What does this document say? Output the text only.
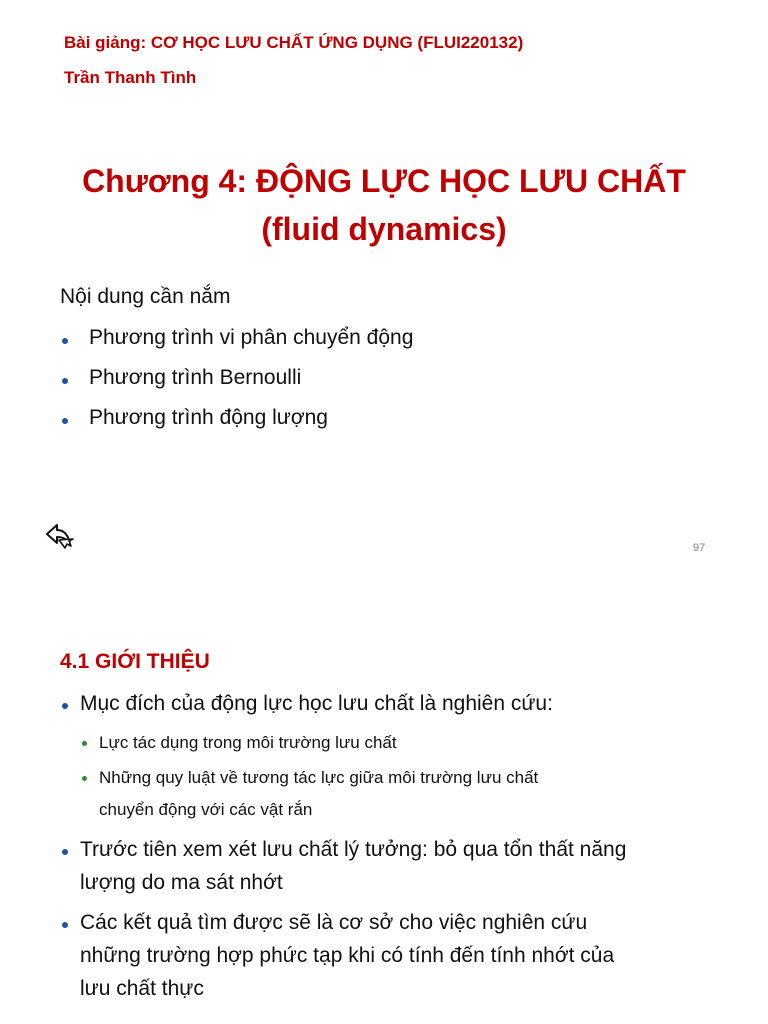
Bài giảng: CƠ HỌC LƯU CHẤT ỨNG DỤNG (FLUI220132)
Trần Thanh Tình
Chương 4: ĐỘNG LỰC HỌC LƯU CHẤT
(fluid dynamics)
Nội dung cần nắm
Phương trình vi phân chuyển động
Phương trình Bernoulli
Phương trình động lượng
97
4.1 GIỚI THIỆU
Mục đích của động lực học lưu chất là nghiên cứu:
Lực tác dụng trong môi trường lưu chất
Những quy luật về tương tác lực giữa môi trường lưu chất
chuyển động với các vật rắn
Trước tiên xem xét lưu chất lý tưởng: bỏ qua tổn thất năng
lượng do ma sát nhớt
Các kết quả tìm được sẽ là cơ sở cho việc nghiên cứu
những trường hợp phức tạp khi có tính đến tính nhớt của
lưu chất thực
